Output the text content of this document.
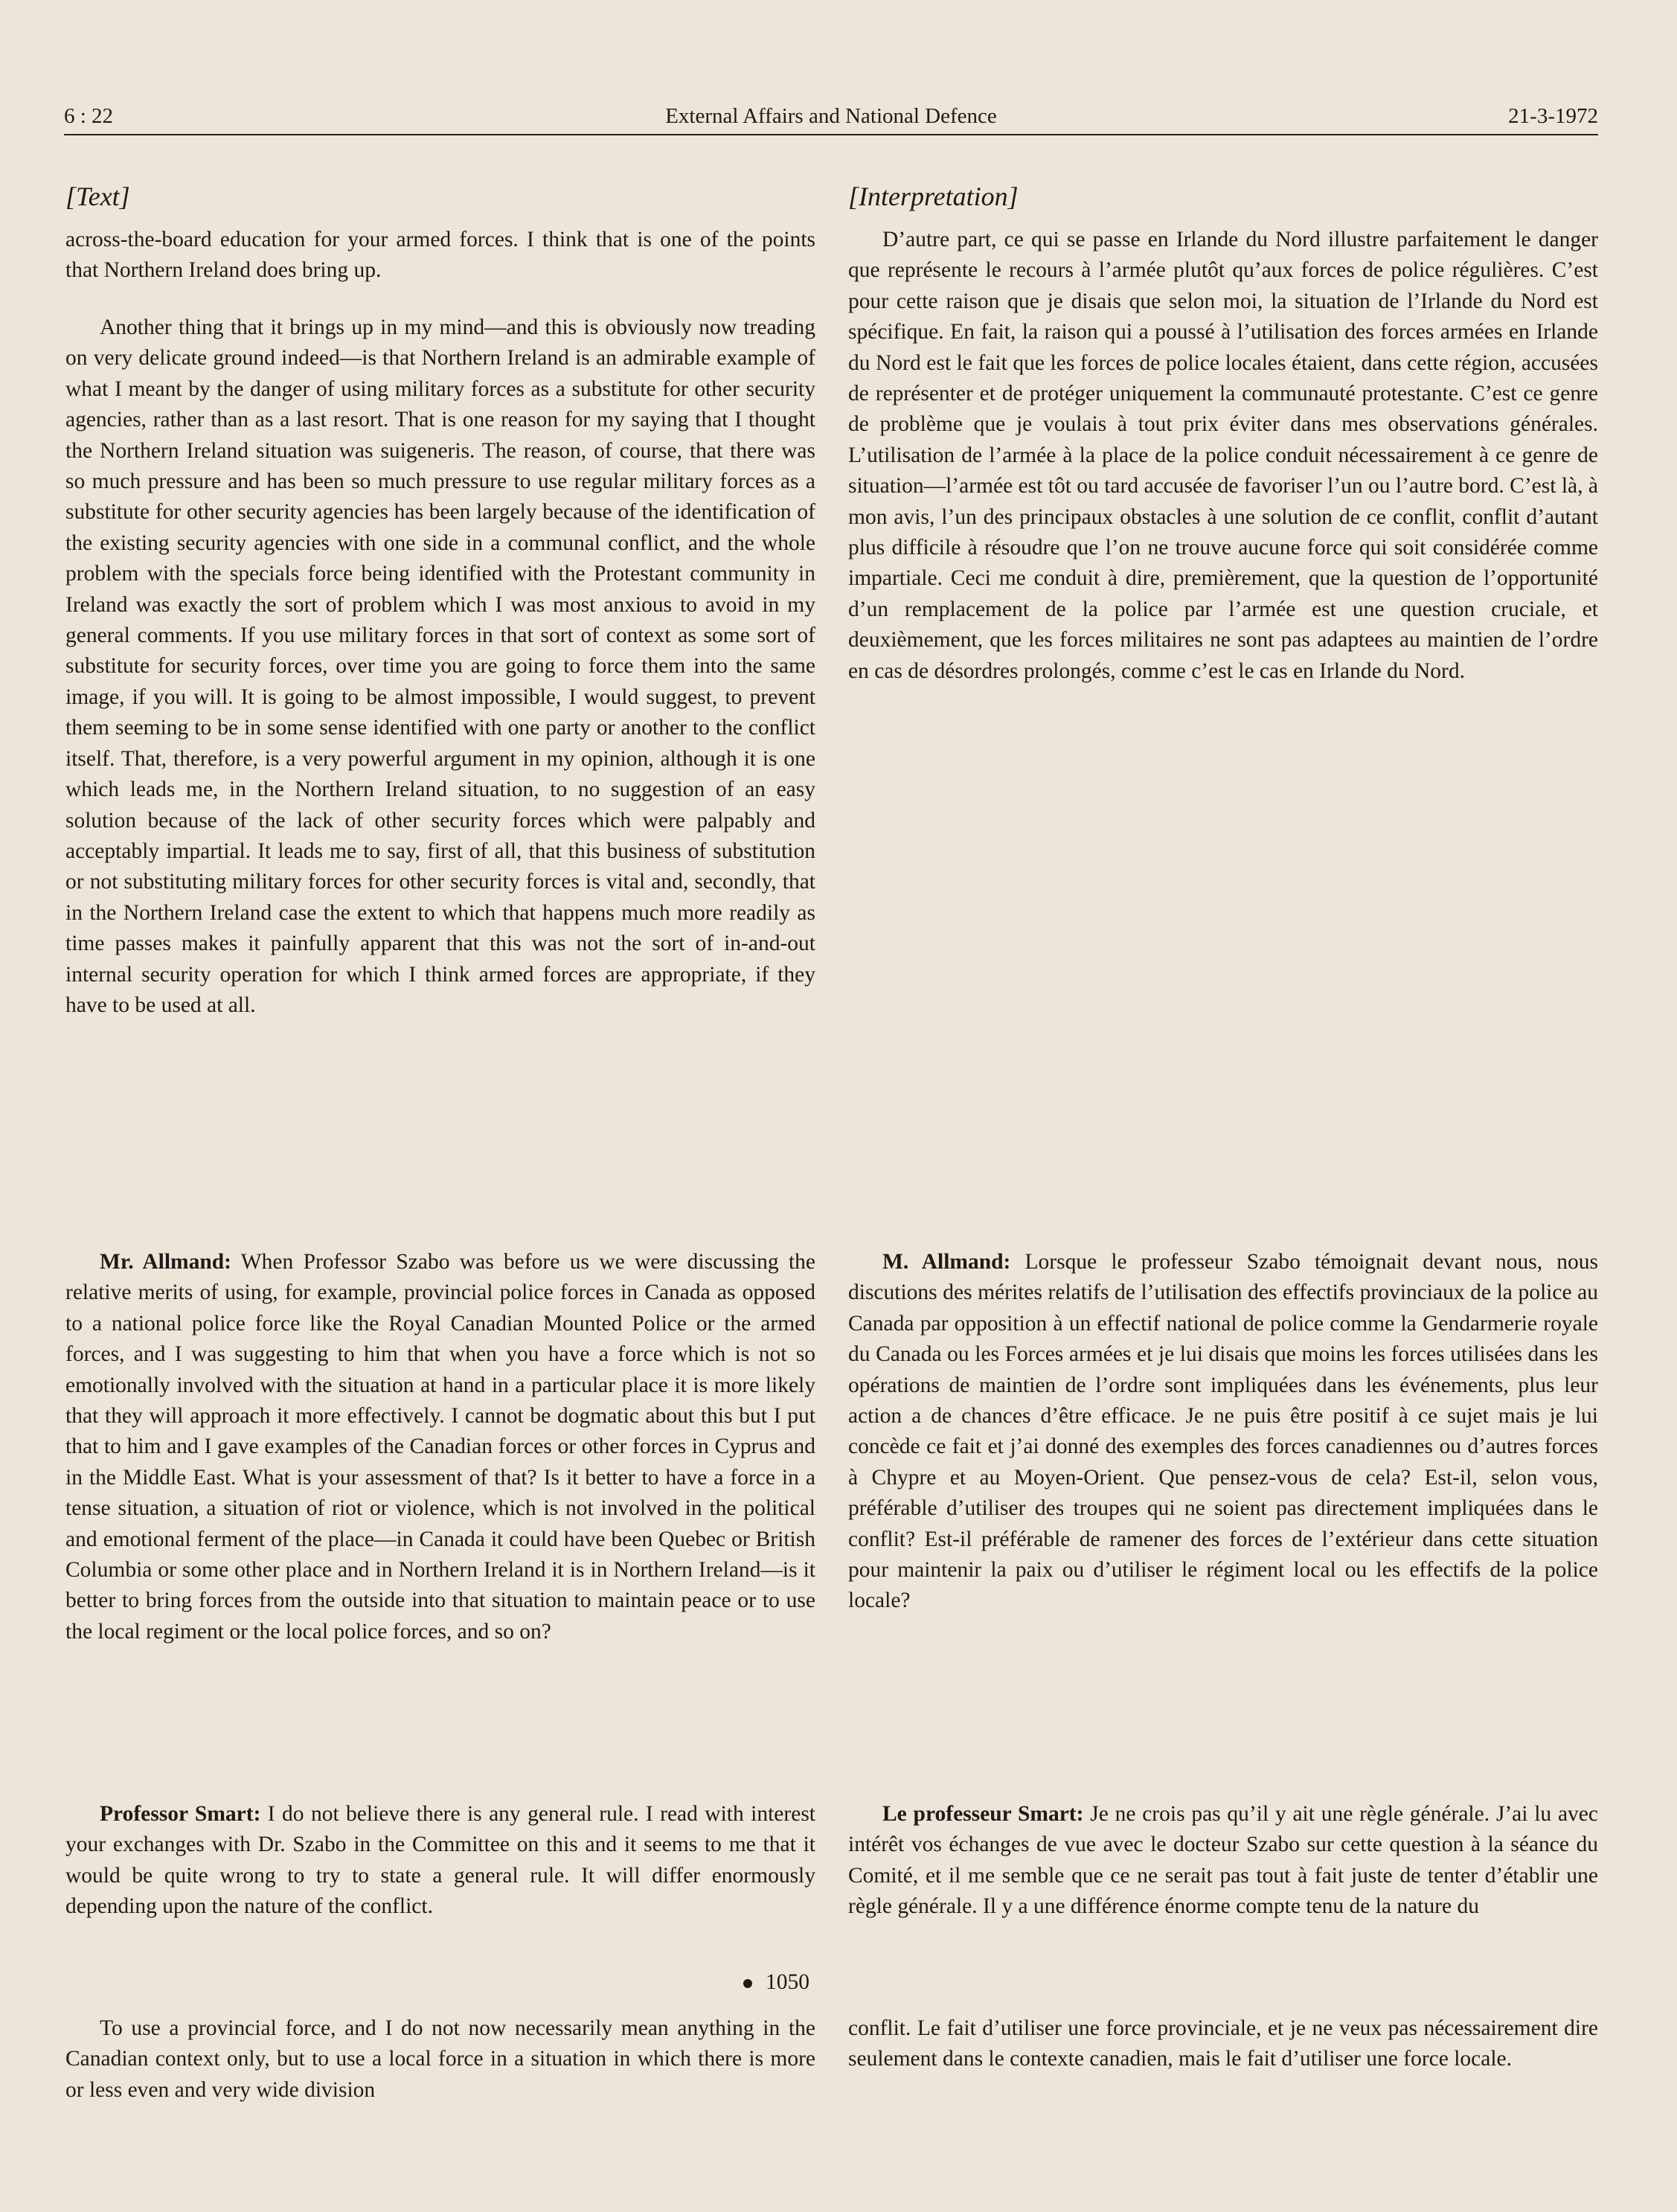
6 : 22	External Affairs and National Defence	21-3-1972
[Text]

across-the-board education for your armed forces. I think that is one of the points that Northern Ireland does bring up.

Another thing that it brings up in my mind—and this is obviously now treading on very delicate ground indeed—is that Northern Ireland is an admirable example of what I meant by the danger of using military forces as a substitute for other security agencies, rather than as a last resort. That is one reason for my saying that I thought the Northern Ireland situation was suigeneris. The reason, of course, that there was so much pressure and has been so much pressure to use regular military forces as a substitute for other security agencies has been largely because of the identification of the existing security agencies with one side in a communal conflict, and the whole problem with the specials force being identified with the Protestant community in Ireland was exactly the sort of problem which I was most anxious to avoid in my general comments. If you use military forces in that sort of context as some sort of substitute for security forces, over time you are going to force them into the same image, if you will. It is going to be almost impossible, I would suggest, to prevent them seeming to be in some sense identified with one party or another to the conflict itself. That, therefore, is a very powerful argument in my opinion, although it is one which leads me, in the Northern Ireland situation, to no suggestion of an easy solution because of the lack of other security forces which were palpably and acceptably impartial. It leads me to say, first of all, that this business of substitution or not substituting military forces for other security forces is vital and, secondly, that in the Northern Ireland case the extent to which that happens much more readily as time passes makes it painfully apparent that this was not the sort of in-and-out internal security operation for which I think armed forces are appropriate, if they have to be used at all.

Mr. Allmand: When Professor Szabo was before us we were discussing the relative merits of using, for example, provincial police forces in Canada as opposed to a national police force like the Royal Canadian Mounted Police or the armed forces, and I was suggesting to him that when you have a force which is not so emotionally involved with the situation at hand in a particular place it is more likely that they will approach it more effectively. I cannot be dogmatic about this but I put that to him and I gave examples of the Canadian forces or other forces in Cyprus and in the Middle East. What is your assessment of that? Is it better to have a force in a tense situation, a situation of riot or violence, which is not involved in the political and emotional ferment of the place—in Canada it could have been Quebec or British Columbia or some other place and in Northern Ireland it is in Northern Ireland—is it better to bring forces from the outside into that situation to maintain peace or to use the local regiment or the local police forces, and so on?

Professor Smart: I do not believe there is any general rule. I read with interest your exchanges with Dr. Szabo in the Committee on this and it seems to me that it would be quite wrong to try to state a general rule. It will differ enormously depending upon the nature of the conflict.

1050

To use a provincial force, and I do not now necessarily mean anything in the Canadian context only, but to use a local force in a situation in which there is more or less even and very wide division

[Interpretation]

D’autre part, ce qui se passe en Irlande du Nord illustre parfaitement le danger que représente le recours à l’armée plutôt qu’aux forces de police régulières. C’est pour cette raison que je disais que selon moi, la situation de l’Irlande du Nord est spécifique. En fait, la raison qui a poussé à l’utilisation des forces armées en Irlande du Nord est le fait que les forces de police locales étaient, dans cette région, accusées de représenter et de protéger uniquement la communauté protestante. C’est ce genre de problème que je voulais à tout prix éviter dans mes observations générales. L’utilisation de l’armée à la place de la police conduit nécessairement à ce genre de situation—l’armée est tôt ou tard accusée de favoriser l’un ou l’autre bord. C’est là, à mon avis, l’un des principaux obstacles à une solution de ce conflit, conflit d’autant plus difficile à résoudre que l’on ne trouve aucune force qui soit considérée comme impartiale. Ceci me conduit à dire, premièrement, que la question de l’opportunité d’un remplacement de la police par l’armée est une question cruciale, et deuxièmement, que les forces militaires ne sont pas adaptees au maintien de l’ordre en cas de désordres prolongés, comme c’est le cas en Irlande du Nord.

M. Allmand: Lorsque le professeur Szabo témoignait devant nous, nous discutions des mérites relatifs de l’utilisation des effectifs provinciaux de la police au Canada par opposition à un effectif national de police comme la Gendarmerie royale du Canada ou les Forces armées et je lui disais que moins les forces utilisées dans les opérations de maintien de l’ordre sont impliquées dans les événements, plus leur action a de chances d’être efficace. Je ne puis être positif à ce sujet mais je lui concède ce fait et j’ai donné des exemples des forces canadiennes ou d’autres forces à Chypre et au Moyen-Orient. Que pensez-vous de cela? Est-il, selon vous, préférable d’utiliser des troupes qui ne soient pas directement impliquées dans le conflit? Est-il préférable de ramener des forces de l’extérieur dans cette situation pour maintenir la paix ou d’utiliser le régiment local ou les effectifs de la police locale?

Le professeur Smart: Je ne crois pas qu’il y ait une règle générale. J’ai lu avec intérêt vos échanges de vue avec le docteur Szabo sur cette question à la séance du Comité, et il me semble que ce ne serait pas tout à fait juste de tenter d’établir une règle générale. Il y a une différence énorme compte tenu de la nature du

conflit. Le fait d’utiliser une force provinciale, et je ne veux pas nécessairement dire seulement dans le contexte canadien, mais le fait d’utiliser une force locale.
